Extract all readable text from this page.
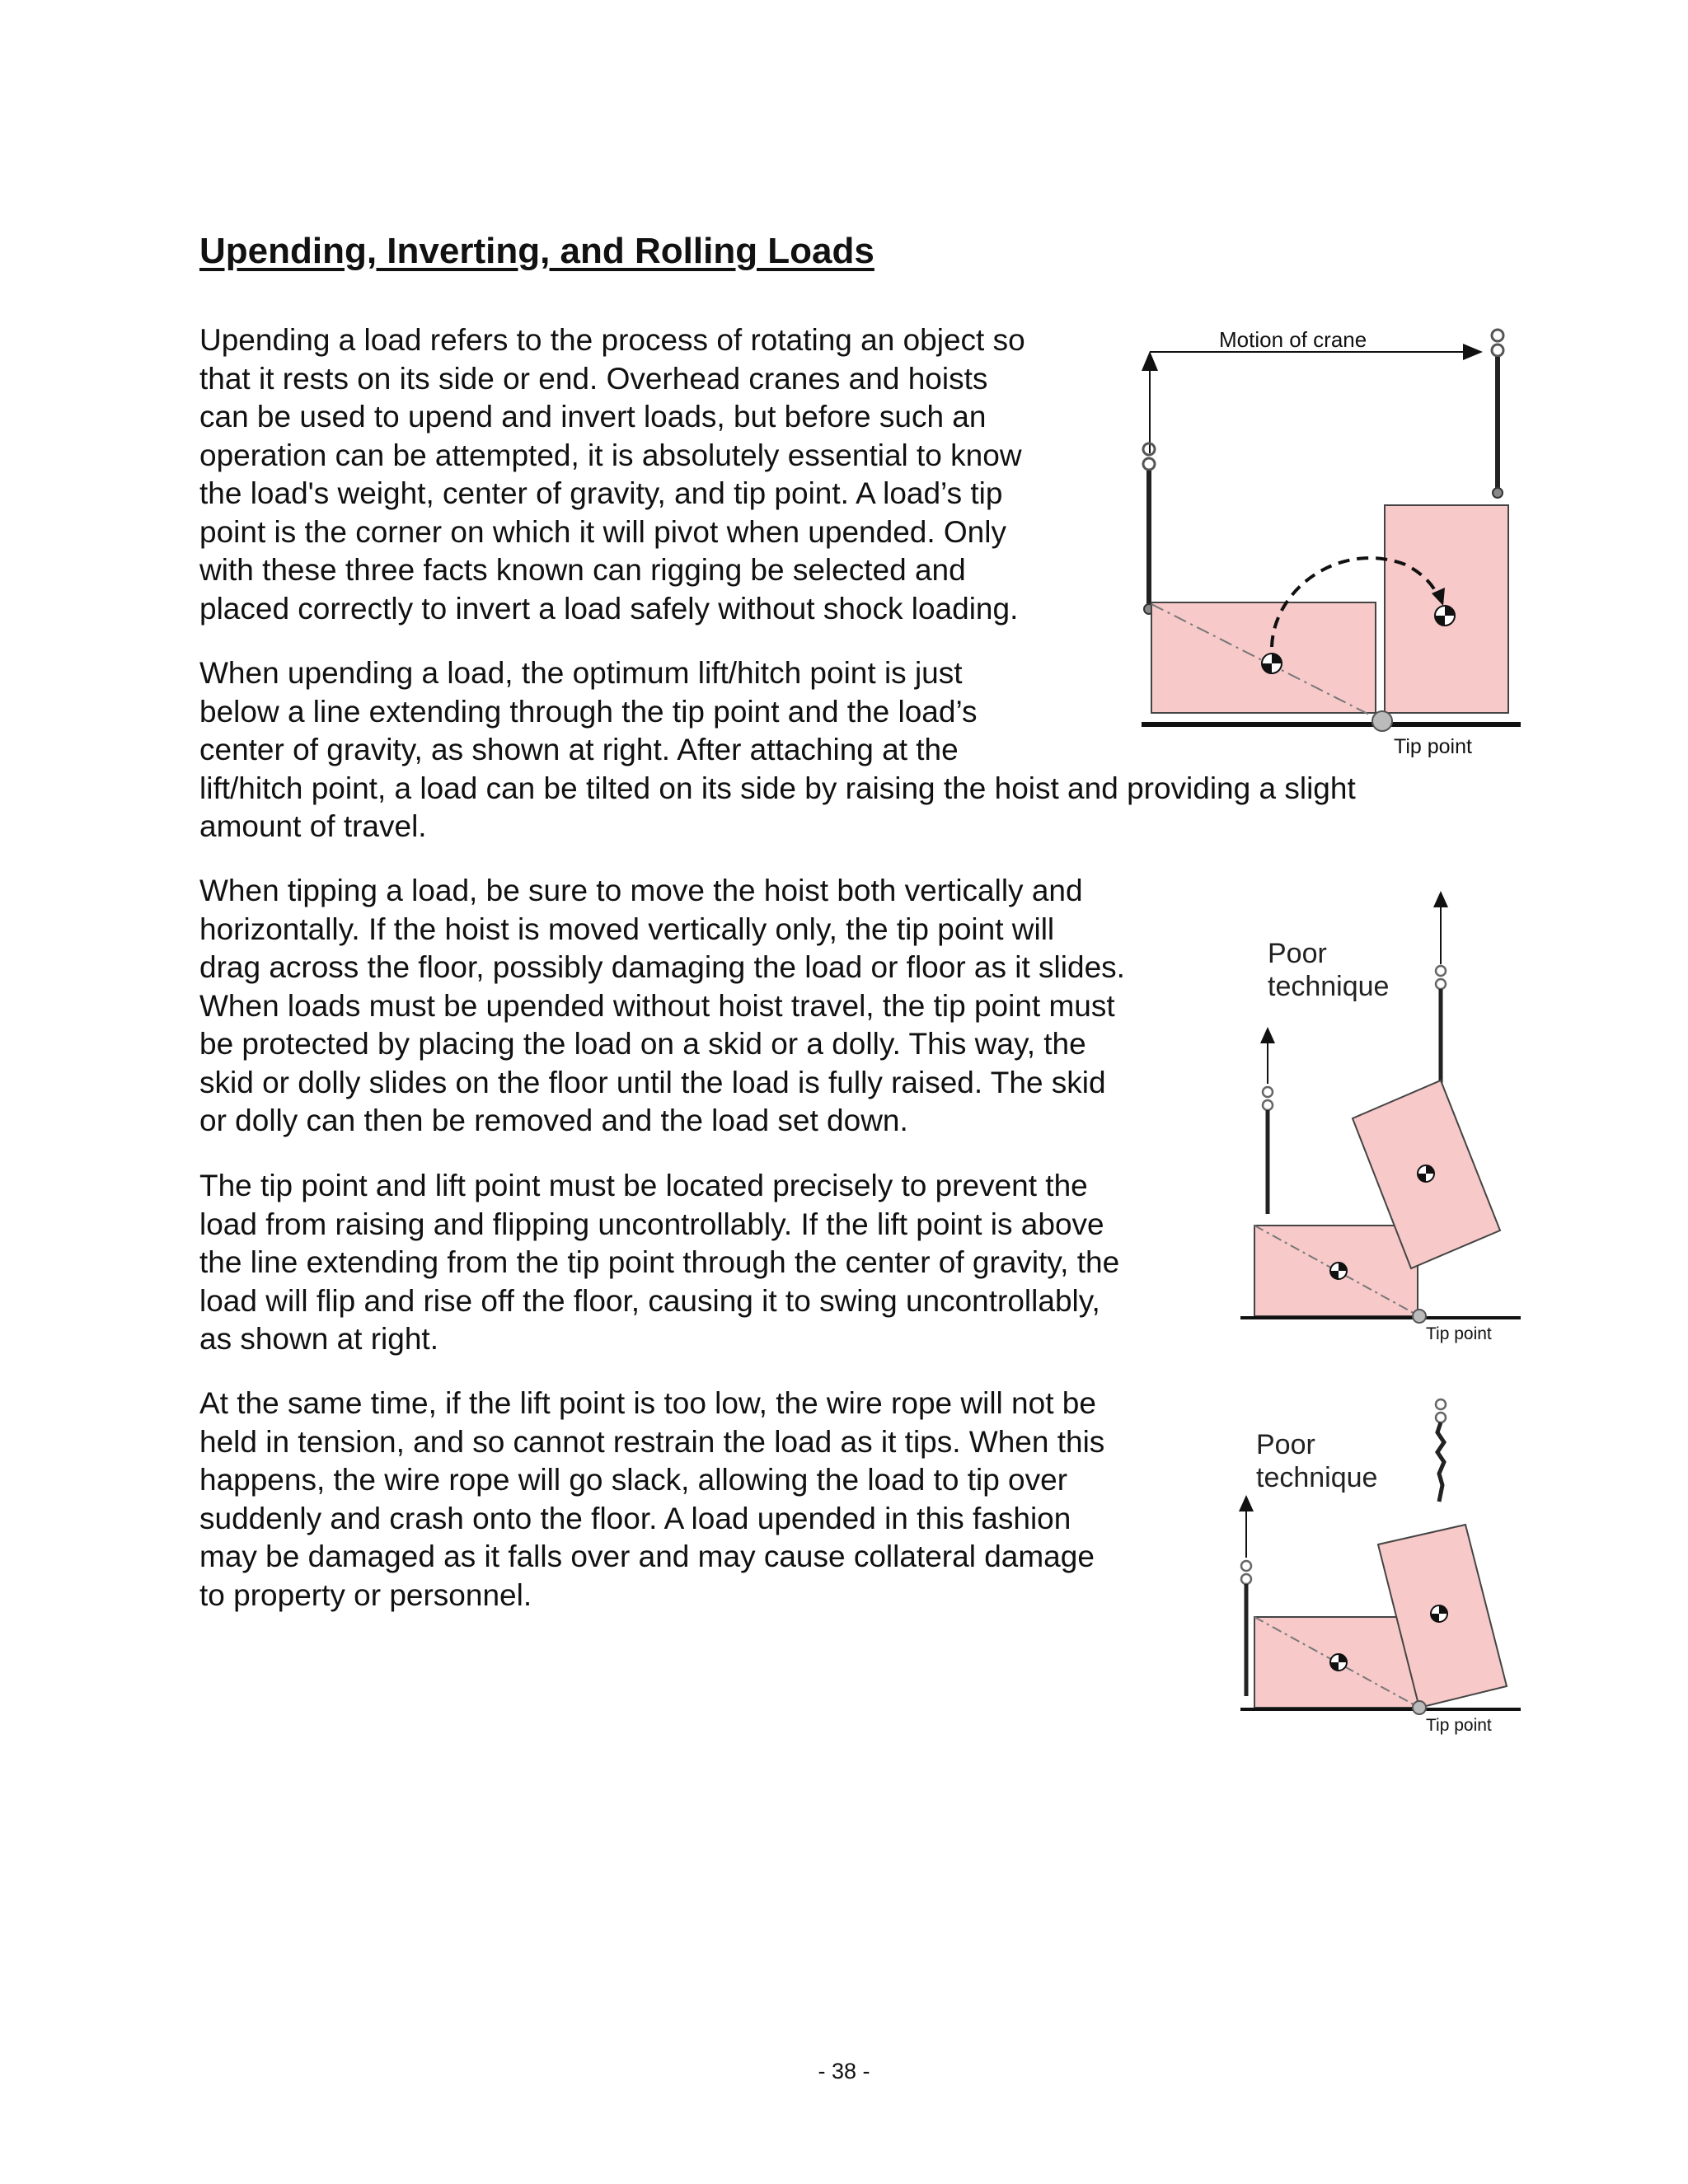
Upending, Inverting, and Rolling Loads
Upending a load refers to the process of rotating an object so
that it rests on its side or end. Overhead cranes and hoists
can be used to upend and invert loads, but before such an
operation can be attempted, it is absolutely essential to know
the load's weight, center of gravity, and tip point. A load’s tip
point is the corner on which it will pivot when upended. Only
with these three facts known can rigging be selected and
placed correctly to invert a load safely without shock loading.
When upending a load, the optimum lift/hitch point is just
below a line extending through the tip point and the load’s
center of gravity, as shown at right. After attaching at the
lift/hitch point, a load can be tilted on its side by raising the hoist and providing a slight
amount of travel.
When tipping a load, be sure to move the hoist both vertically and
horizontally. If the hoist is moved vertically only, the tip point will
drag across the floor, possibly damaging the load or floor as it slides.
When loads must be upended without hoist travel, the tip point must
be protected by placing the load on a skid or a dolly. This way, the
skid or dolly slides on the floor until the load is fully raised. The skid
or dolly can then be removed and the load set down.
The tip point and lift point must be located precisely to prevent the
load from raising and flipping uncontrollably. If the lift point is above
the line extending from the tip point through the center of gravity, the
load will flip and rise off the floor, causing it to swing uncontrollably,
as shown at right.
At the same time, if the lift point is too low, the wire rope will not be
held in tension, and so cannot restrain the load as it tips. When this
happens, the wire rope will go slack, allowing the load to tip over
suddenly and crash onto the floor. A load upended in this fashion
may be damaged as it falls over and may cause collateral damage
to property or personnel.
Motion of crane
Tip point
Poor
technique
Tip point
Poor
technique
Tip point
- 38 -
